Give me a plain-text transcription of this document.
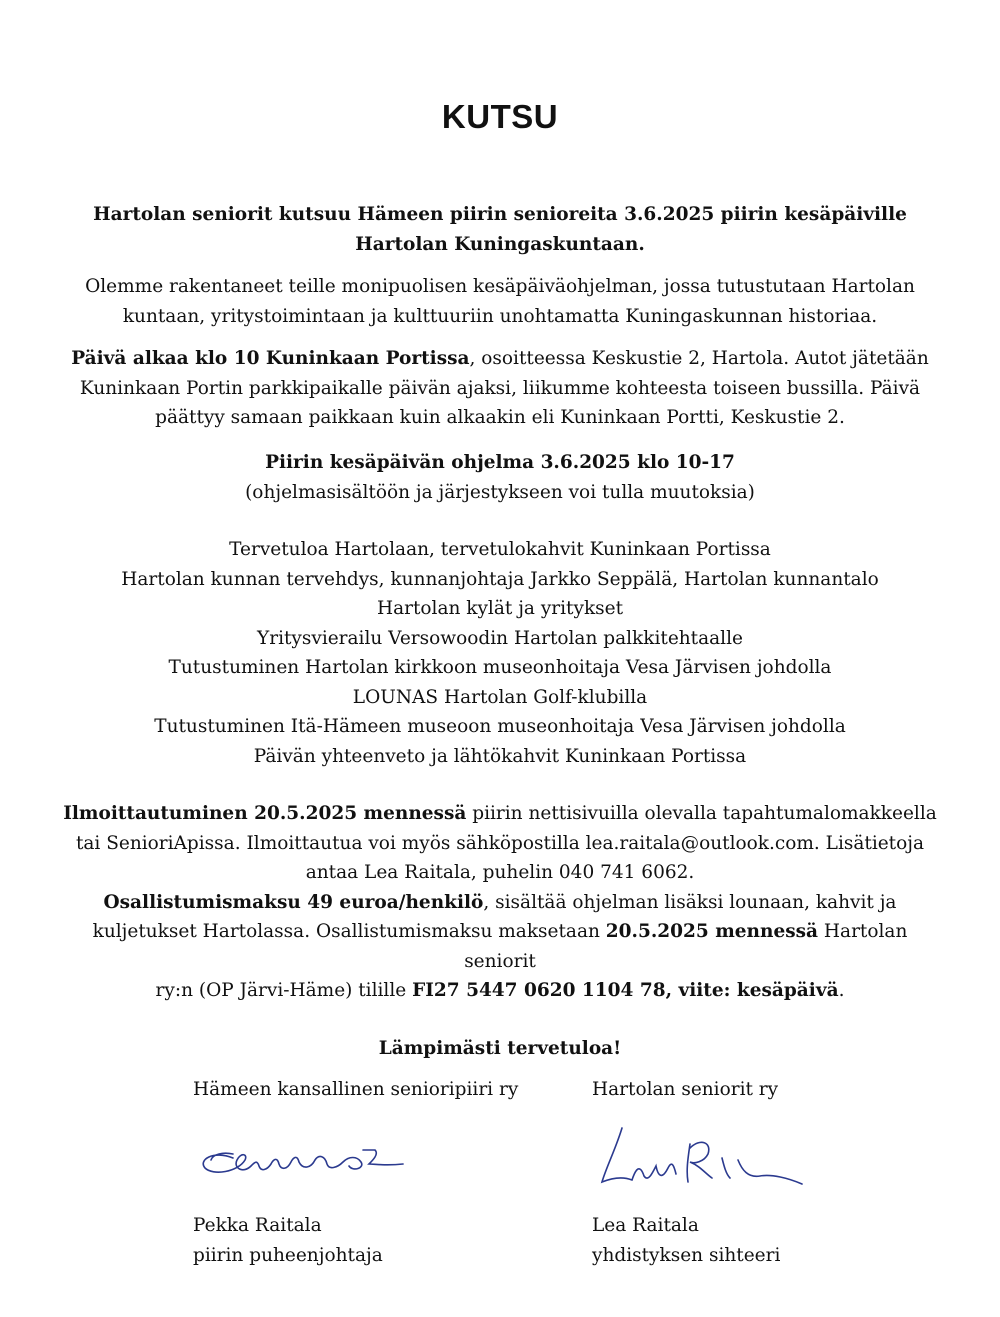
KUTSU

Hartolan seniorit kutsuu Hämeen piirin senioreita 3.6.2025 piirin kesäpäiville

Hartolan Kuningaskuntaan.

Olemme rakentaneet teille monipuolisen kesäpäiväohjelman, jossa tutustutaan Hartolan

kuntaan, yritystoimintaan ja kulttuuriin unohtamatta Kuningaskunnan historiaa.

Päivä alkaa klo 10 Kuninkaan Portissa, osoitteessa Keskustie 2, Hartola. Autot jätetään

Kuninkaan Portin parkkipaikalle päivän ajaksi, liikumme kohteesta toiseen bussilla. Päivä

päättyy samaan paikkaan kuin alkaakin eli Kuninkaan Portti, Keskustie 2.

Piirin kesäpäivän ohjelma 3.6.2025 klo 10-17

(ohjelmasisältöön ja järjestykseen voi tulla muutoksia)

Tervetuloa Hartolaan, tervetulokahvit Kuninkaan Portissa

Hartolan kunnan tervehdys, kunnanjohtaja Jarkko Seppälä, Hartolan kunnantalo

Hartolan kylät ja yritykset

Yritysvierailu Versowoodin Hartolan palkkitehtaalle

Tutustuminen Hartolan kirkkoon museonhoitaja Vesa Järvisen johdolla

LOUNAS Hartolan Golf-klubilla

Tutustuminen Itä-Hämeen museoon museonhoitaja Vesa Järvisen johdolla

Päivän yhteenveto ja lähtökahvit Kuninkaan Portissa

Ilmoittautuminen 20.5.2025 mennessä piirin nettisivuilla olevalla tapahtumalomakkeella

tai SenioriApissa. Ilmoittautua voi myös sähköpostilla lea.raitala@outlook.com. Lisätietoja

antaa Lea Raitala, puhelin 040 741 6062.

Osallistumismaksu 49 euroa/henkilö, sisältää ohjelman lisäksi lounaan, kahvit ja

kuljetukset Hartolassa. Osallistumismaksu maksetaan 20.5.2025 mennessä Hartolan seniorit

ry:n (OP Järvi-Häme) tilille FI27 5447 0620 1104 78, viite: kesäpäivä.

Lämpimästi tervetuloa!
Hämeen kansallinen senioripiiri ry	Hartolan seniorit ry

Pekka Raitala

piirin puheenjohtaja

Lea Raitala

yhdistyksen sihteeri
